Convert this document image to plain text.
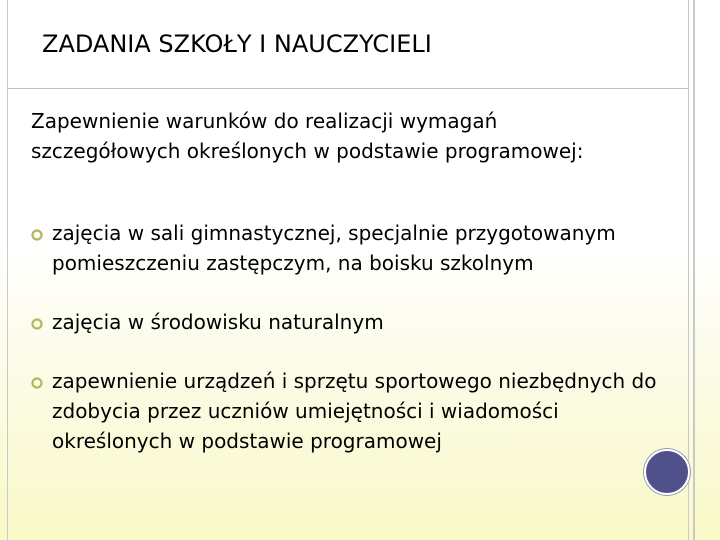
ZADANIA SZKOŁY I NAUCZYCIELI

Zapewnienie warunków do realizacji wymagań szczegółowych określonych w podstawie programowej:

zajęcia w sali gimnastycznej, specjalnie przygotowanym pomieszczeniu zastępczym, na boisku szkolnym
zajęcia w środowisku naturalnym
zapewnienie urządzeń i sprzętu sportowego niezbędnych do zdobycia przez uczniów umiejętności i wiadomości określonych w podstawie programowej
